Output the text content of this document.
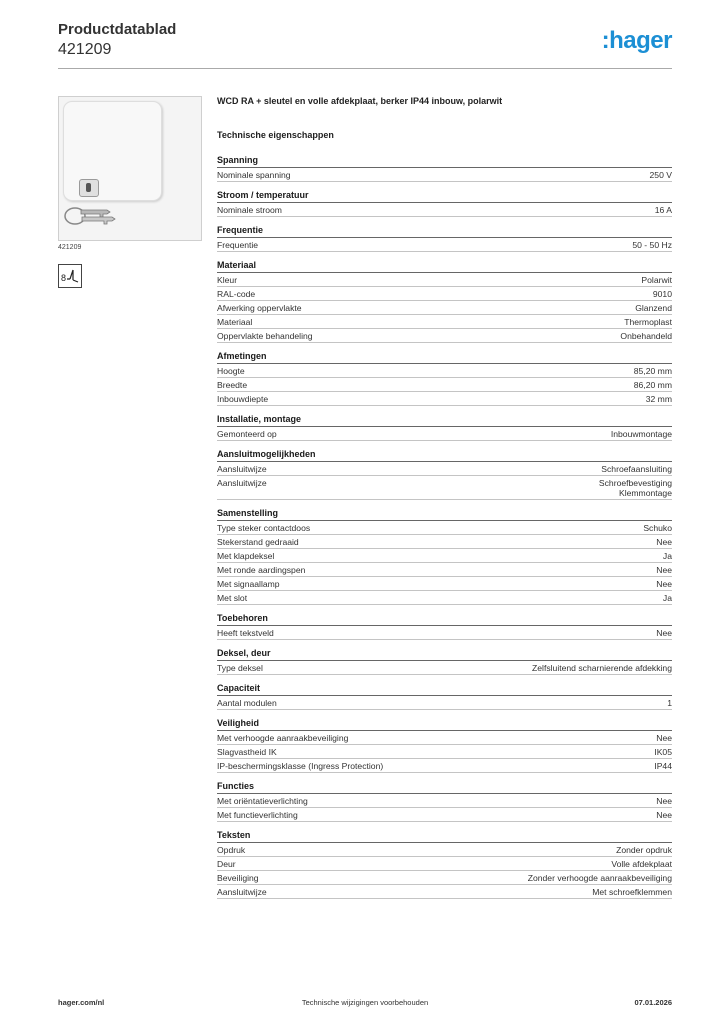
Productdatablad
421209	:hager
421209
8
WCD RA + sleutel en volle afdekplaat, berker IP44 inbouw, polarwit
Technische eigenschappen
Spanning
Nominale spanning	250 V
Stroom / temperatuur
Nominale stroom	16 A
Frequentie
Frequentie	50 - 50 Hz
Materiaal
Kleur	Polarwit
RAL-code	9010
Afwerking oppervlakte	Glanzend
Materiaal	Thermoplast
Oppervlakte behandeling	Onbehandeld
Afmetingen
Hoogte	85,20 mm
Breedte	86,20 mm
Inbouwdiepte	32 mm
Installatie, montage
Gemonteerd op	Inbouwmontage
Aansluitmogelijkheden
Aansluitwijze	Schroefaansluiting
Aansluitwijze	Schroefbevestiging
Klemmontage
Samenstelling
Type steker contactdoos	Schuko
Stekerstand gedraaid	Nee
Met klapdeksel	Ja
Met ronde aardingspen	Nee
Met signaallamp	Nee
Met slot	Ja
Toebehoren
Heeft tekstveld	Nee
Deksel, deur
Type deksel	Zelfsluitend scharnierende afdekking
Capaciteit
Aantal modulen	1
Veiligheid
Met verhoogde aanraakbeveiliging	Nee
Slagvastheid IK	IK05
IP-beschermingsklasse (Ingress Protection)	IP44
Functies
Met oriëntatieverlichting	Nee
Met functieverlichting	Nee
Teksten
Opdruk	Zonder opdruk
Deur	Volle afdekplaat
Beveiliging	Zonder verhoogde aanraakbeveiliging
Aansluitwijze	Met schroefklemmen
hager.com/nl	Technische wijzigingen voorbehouden	07.01.2026
